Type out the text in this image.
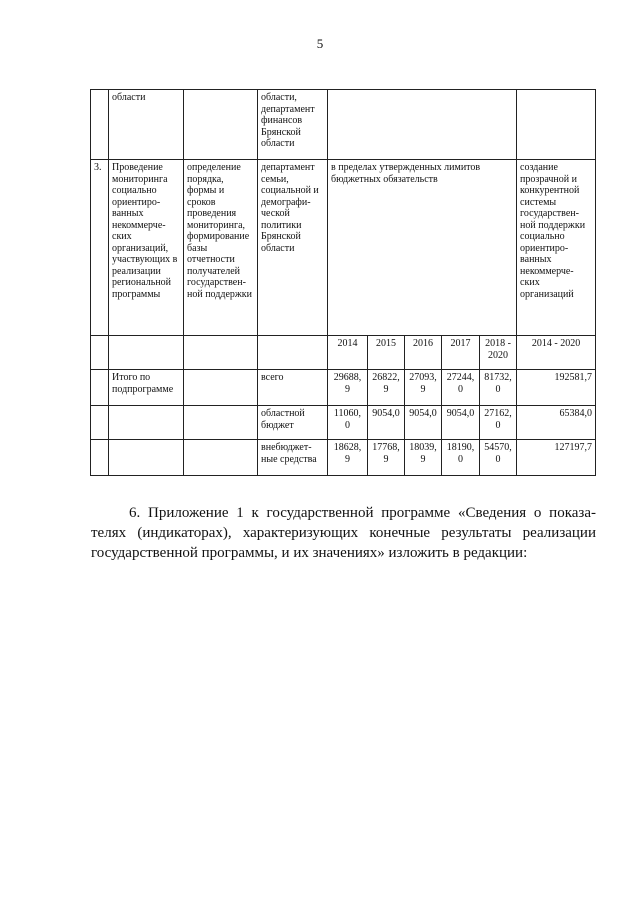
5
	области		области, департамент финансов Брянской области						
3.	Проведение мониторинга социально ориентиро-ванных некоммерче-ских организаций, участвующих в реализации региональной программы	определение порядка, формы и сроков проведения мониторинга, формирование базы отчетности получателей государствен-ной поддержки	департамент семьи, социальной и демографи-ческой политики Брянской области	в пределах утвержденных лимитов бюджетных обязательств					создание прозрачной и конкурентной системы государствен-ной поддержки социально ориентиро-ванных некоммерче-ских организаций
				2014	2015	2016	2017	2018 - 2020	2014 - 2020
	Итого по подпрограмме		всего	29688, 9	26822, 9	27093, 9	27244, 0	81732, 0	192581,7
			областной бюджет	11060, 0	9054,0	9054,0	9054,0	27162, 0	65384,0
			внебюджет-ные средства	18628, 9	17768, 9	18039, 9	18190, 0	54570, 0	127197,7
6. Приложение 1 к государственной программе «Сведения о показа-телях (индикаторах), характеризующих конечные результаты реализации государственной программы, и их значениях» изложить в редакции:
